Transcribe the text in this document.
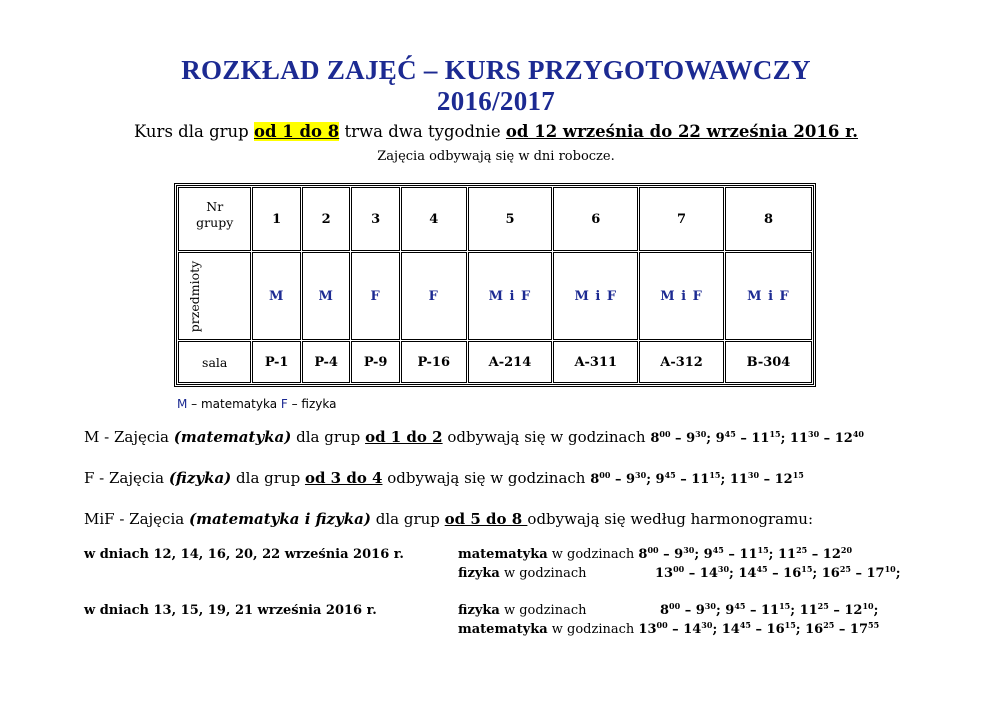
ROZKŁAD ZAJĘĆ – KURS PRZYGOTOWAWCZY
2016/2017
Kurs dla grup od 1 do 8 trwa dwa tygodnie od 12 września do 22 września 2016 r.
Zajęcia odbywają się w dni robocze.
Nr
grupy	1	2	3	4	5	6	7	8
przedmioty	M	M	F	F	M i F	M i F	M i F	M i F
sala	P-1	P-4	P-9	P-16	A-214	A-311	A-312	B-304
M – matematyka F – fizyka
M - Zajęcia (matematyka) dla grup od 1 do 2 odbywają się w godzinach $8^{00} - 9^{30}$; $9^{45} - 11^{15}$; $11^{30} - 12^{40}$
F - Zajęcia (fizyka) dla grup od 3 do 4 odbywają się w godzinach $8^{00} - 9^{30}$; $9^{45} - 11^{15}$; $11^{30} - 12^{15}$
MiF - Zajęcia (matematyka i fizyka) dla grup od 5 do 8 odbywają się według harmonogramu:
w dniach 12, 14, 16, 20, 22 września 2016 r.	matematyka w godzinach $8^{00} - 9^{30}$; $9^{45} - 11^{15}$; $11^{25} - 12^{20}$
fizyka w godzinach	$13^{00} - 14^{30}$; $14^{45} - 16^{15}$; $16^{25} - 17^{10}$;
w dniach 13, 15, 19, 21 września 2016 r.	fizyka w godzinach	$8^{00} - 9^{30}$; $9^{45} - 11^{15}$; $11^{25} - 12^{10}$;
matematyka w godzinach $13^{00} - 14^{30}$; $14^{45} - 16^{15}$; $16^{25} - 17^{55}$
